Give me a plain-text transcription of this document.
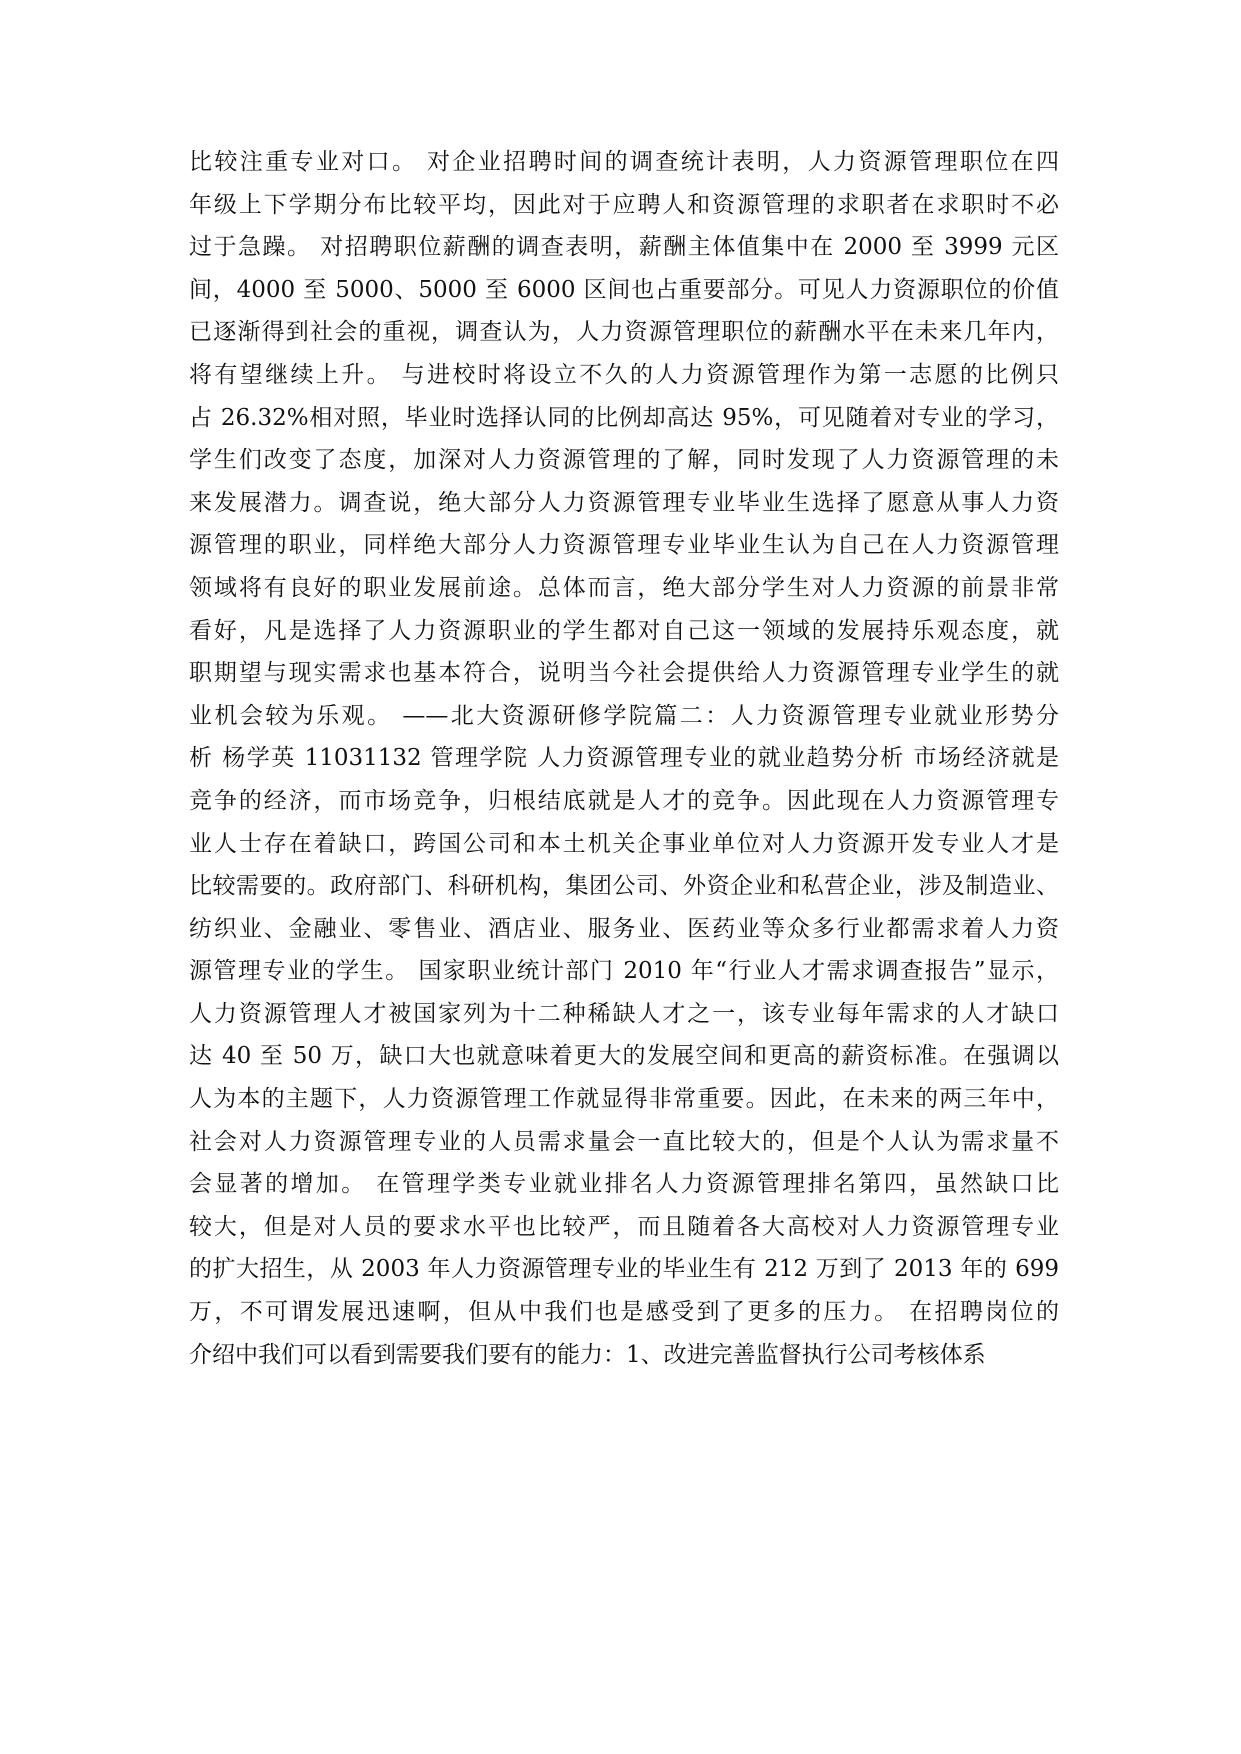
比较注重专业对口。 对企业招聘时间的调查统计表明，人力资源管理职位在四
年级上下学期分布比较平均，因此对于应聘人和资源管理的求职者在求职时不必
过于急躁。 对招聘职位薪酬的调查表明，薪酬主体值集中在 2000 至 3999 元区
间，4000 至 5000、5000 至 6000 区间也占重要部分。可见人力资源职位的价值
已逐渐得到社会的重视，调查认为，人力资源管理职位的薪酬水平在未来几年内，
将有望继续上升。 与进校时将设立不久的人力资源管理作为第一志愿的比例只
占 26.32%相对照，毕业时选择认同的比例却高达 95%，可见随着对专业的学习，
学生们改变了态度，加深对人力资源管理的了解，同时发现了人力资源管理的未
来发展潜力。调查说，绝大部分人力资源管理专业毕业生选择了愿意从事人力资
源管理的职业，同样绝大部分人力资源管理专业毕业生认为自己在人力资源管理
领域将有良好的职业发展前途。总体而言，绝大部分学生对人力资源的前景非常
看好，凡是选择了人力资源职业的学生都对自己这一领域的发展持乐观态度，就
职期望与现实需求也基本符合，说明当今社会提供给人力资源管理专业学生的就
业机会较为乐观。 ——北大资源研修学院篇二：人力资源管理专业就业形势分
析 杨学英 11031132 管理学院 人力资源管理专业的就业趋势分析 市场经济就是
竞争的经济，而市场竞争，归根结底就是人才的竞争。因此现在人力资源管理专
业人士存在着缺口，跨国公司和本土机关企事业单位对人力资源开发专业人才是
比较需要的。政府部门、科研机构，集团公司、外资企业和私营企业，涉及制造业、
纺织业、金融业、零售业、酒店业、服务业、医药业等众多行业都需求着人力资
源管理专业的学生。 国家职业统计部门 2010 年“行业人才需求调查报告”显示，
人力资源管理人才被国家列为十二种稀缺人才之一，该专业每年需求的人才缺口
达 40 至 50 万，缺口大也就意味着更大的发展空间和更高的薪资标准。在强调以
人为本的主题下，人力资源管理工作就显得非常重要。因此，在未来的两三年中，
社会对人力资源管理专业的人员需求量会一直比较大的，但是个人认为需求量不
会显著的增加。 在管理学类专业就业排名人力资源管理排名第四，虽然缺口比
较大，但是对人员的要求水平也比较严，而且随着各大高校对人力资源管理专业
的扩大招生，从 2003 年人力资源管理专业的毕业生有 212 万到了 2013 年的 699
万，不可谓发展迅速啊，但从中我们也是感受到了更多的压力。 在招聘岗位的
介绍中我们可以看到需要我们要有的能力：1、改进完善监督执行公司考核体系
